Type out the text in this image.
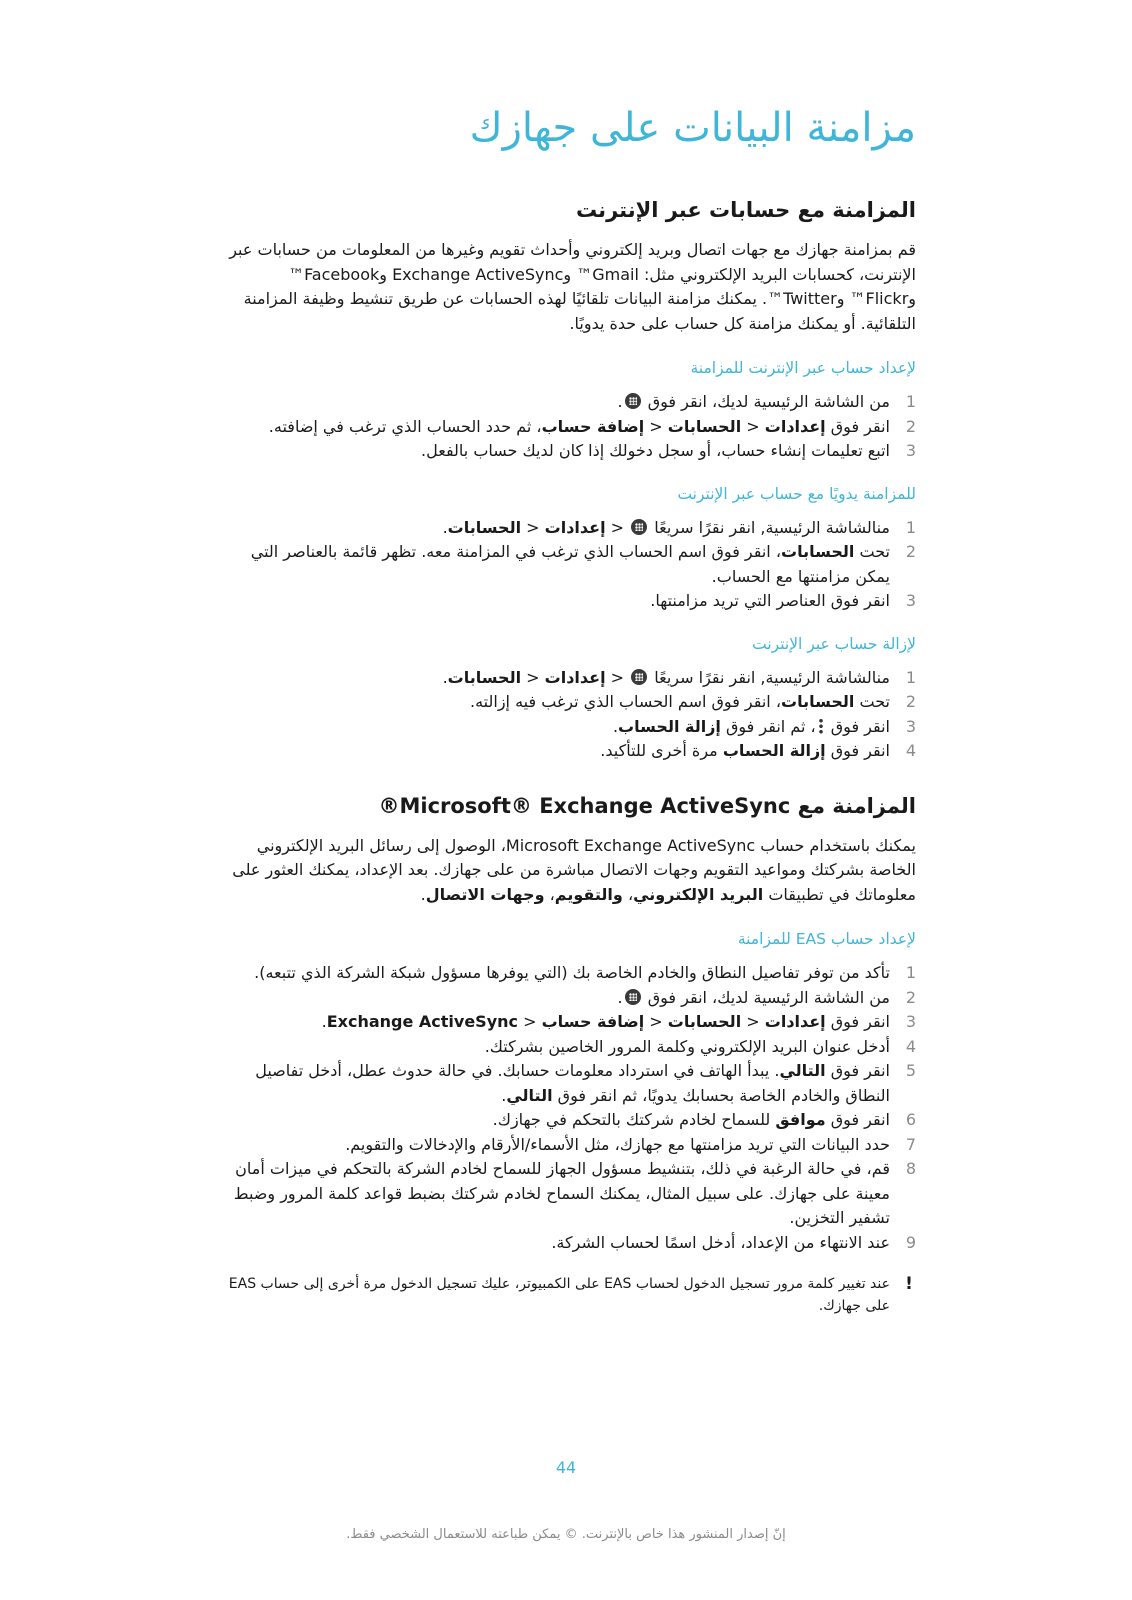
مزامنة البيانات على جهازك
المزامنة مع حسابات عبر الإنترنت

قم بمزامنة جهازك مع جهات اتصال وبريد إلكتروني وأحداث تقويم وغيرها من المعلومات من حسابات عبر الإنترنت، كحسابات البريد الإلكتروني مثل: Gmail™ وExchange ActiveSync وFacebook™ وFlickr™ وTwitter™. يمكنك مزامنة البيانات تلقائيًا لهذه الحسابات عن طريق تنشيط وظيفة المزامنة التلقائية. أو يمكنك مزامنة كل حساب على حدة يدويًا.

لإعداد حساب عبر الإنترنت للمزامنة
1
من الشاشة الرئيسية لديك، انقر فوق .
2
انقر فوق إعدادات < الحسابات < إضافة حساب، ثم حدد الحساب الذي ترغب في إضافته.
3
اتبع تعليمات إنشاء حساب، أو سجل دخولك إذا كان لديك حساب بالفعل.
للمزامنة يدويًا مع حساب عبر الإنترنت
1
منالشاشة الرئيسية, انقر نقرًا سريعًا  < إعدادات < الحسابات.
2
تحت الحسابات، انقر فوق اسم الحساب الذي ترغب في المزامنة معه. تظهر قائمة بالعناصر التي يمكن مزامنتها مع الحساب.
3
انقر فوق العناصر التي تريد مزامنتها.
لإزالة حساب عبر الإنترنت
1
منالشاشة الرئيسية, انقر نقرًا سريعًا  < إعدادات < الحسابات.
2
تحت الحسابات، انقر فوق اسم الحساب الذي ترغب فيه إزالته.
3
انقر فوق ، ثم انقر فوق إزالة الحساب.
4
انقر فوق إزالة الحساب مرة أخرى للتأكيد.
المزامنة مع Microsoft® Exchange ActiveSync®

يمكنك باستخدام حساب Microsoft Exchange ActiveSync، الوصول إلى رسائل البريد الإلكتروني الخاصة بشركتك ومواعيد التقويم وجهات الاتصال مباشرة من على جهازك. بعد الإعداد، يمكنك العثور على معلوماتك في تطبيقات البريد الإلكتروني، والتقويم، وجهات الاتصال.

لإعداد حساب EAS للمزامنة
1
تأكد من توفر تفاصيل النطاق والخادم الخاصة بك (التي يوفرها مسؤول شبكة الشركة الذي تتبعه).
2
من الشاشة الرئيسية لديك، انقر فوق .
3
انقر فوق إعدادات < الحسابات < إضافة حساب < Exchange ActiveSync.
4
أدخل عنوان البريد الإلكتروني وكلمة المرور الخاصين بشركتك.
5
انقر فوق التالي. يبدأ الهاتف في استرداد معلومات حسابك. في حالة حدوث عطل، أدخل تفاصيل النطاق والخادم الخاصة بحسابك يدويًا، ثم انقر فوق التالي.
6
انقر فوق موافق للسماح لخادم شركتك بالتحكم في جهازك.
7
حدد البيانات التي تريد مزامنتها مع جهازك، مثل الأسماء/الأرقام والإدخالات والتقويم.
8
قم، في حالة الرغبة في ذلك، بتنشيط مسؤول الجهاز للسماح لخادم الشركة بالتحكم في ميزات أمان معينة على جهازك. على سبيل المثال، يمكنك السماح لخادم شركتك بضبط قواعد كلمة المرور وضبط تشفير التخزين.
9
عند الانتهاء من الإعداد، أدخل اسمًا لحساب الشركة.
!
عند تغيير كلمة مرور تسجيل الدخول لحساب EAS على الكمبيوتر، عليك تسجيل الدخول مرة أخرى إلى حساب EAS على جهازك.
44
إنّ إصدار المنشور هذا خاص بالإنترنت. © يمكن طباعته للاستعمال الشخصي فقط.
